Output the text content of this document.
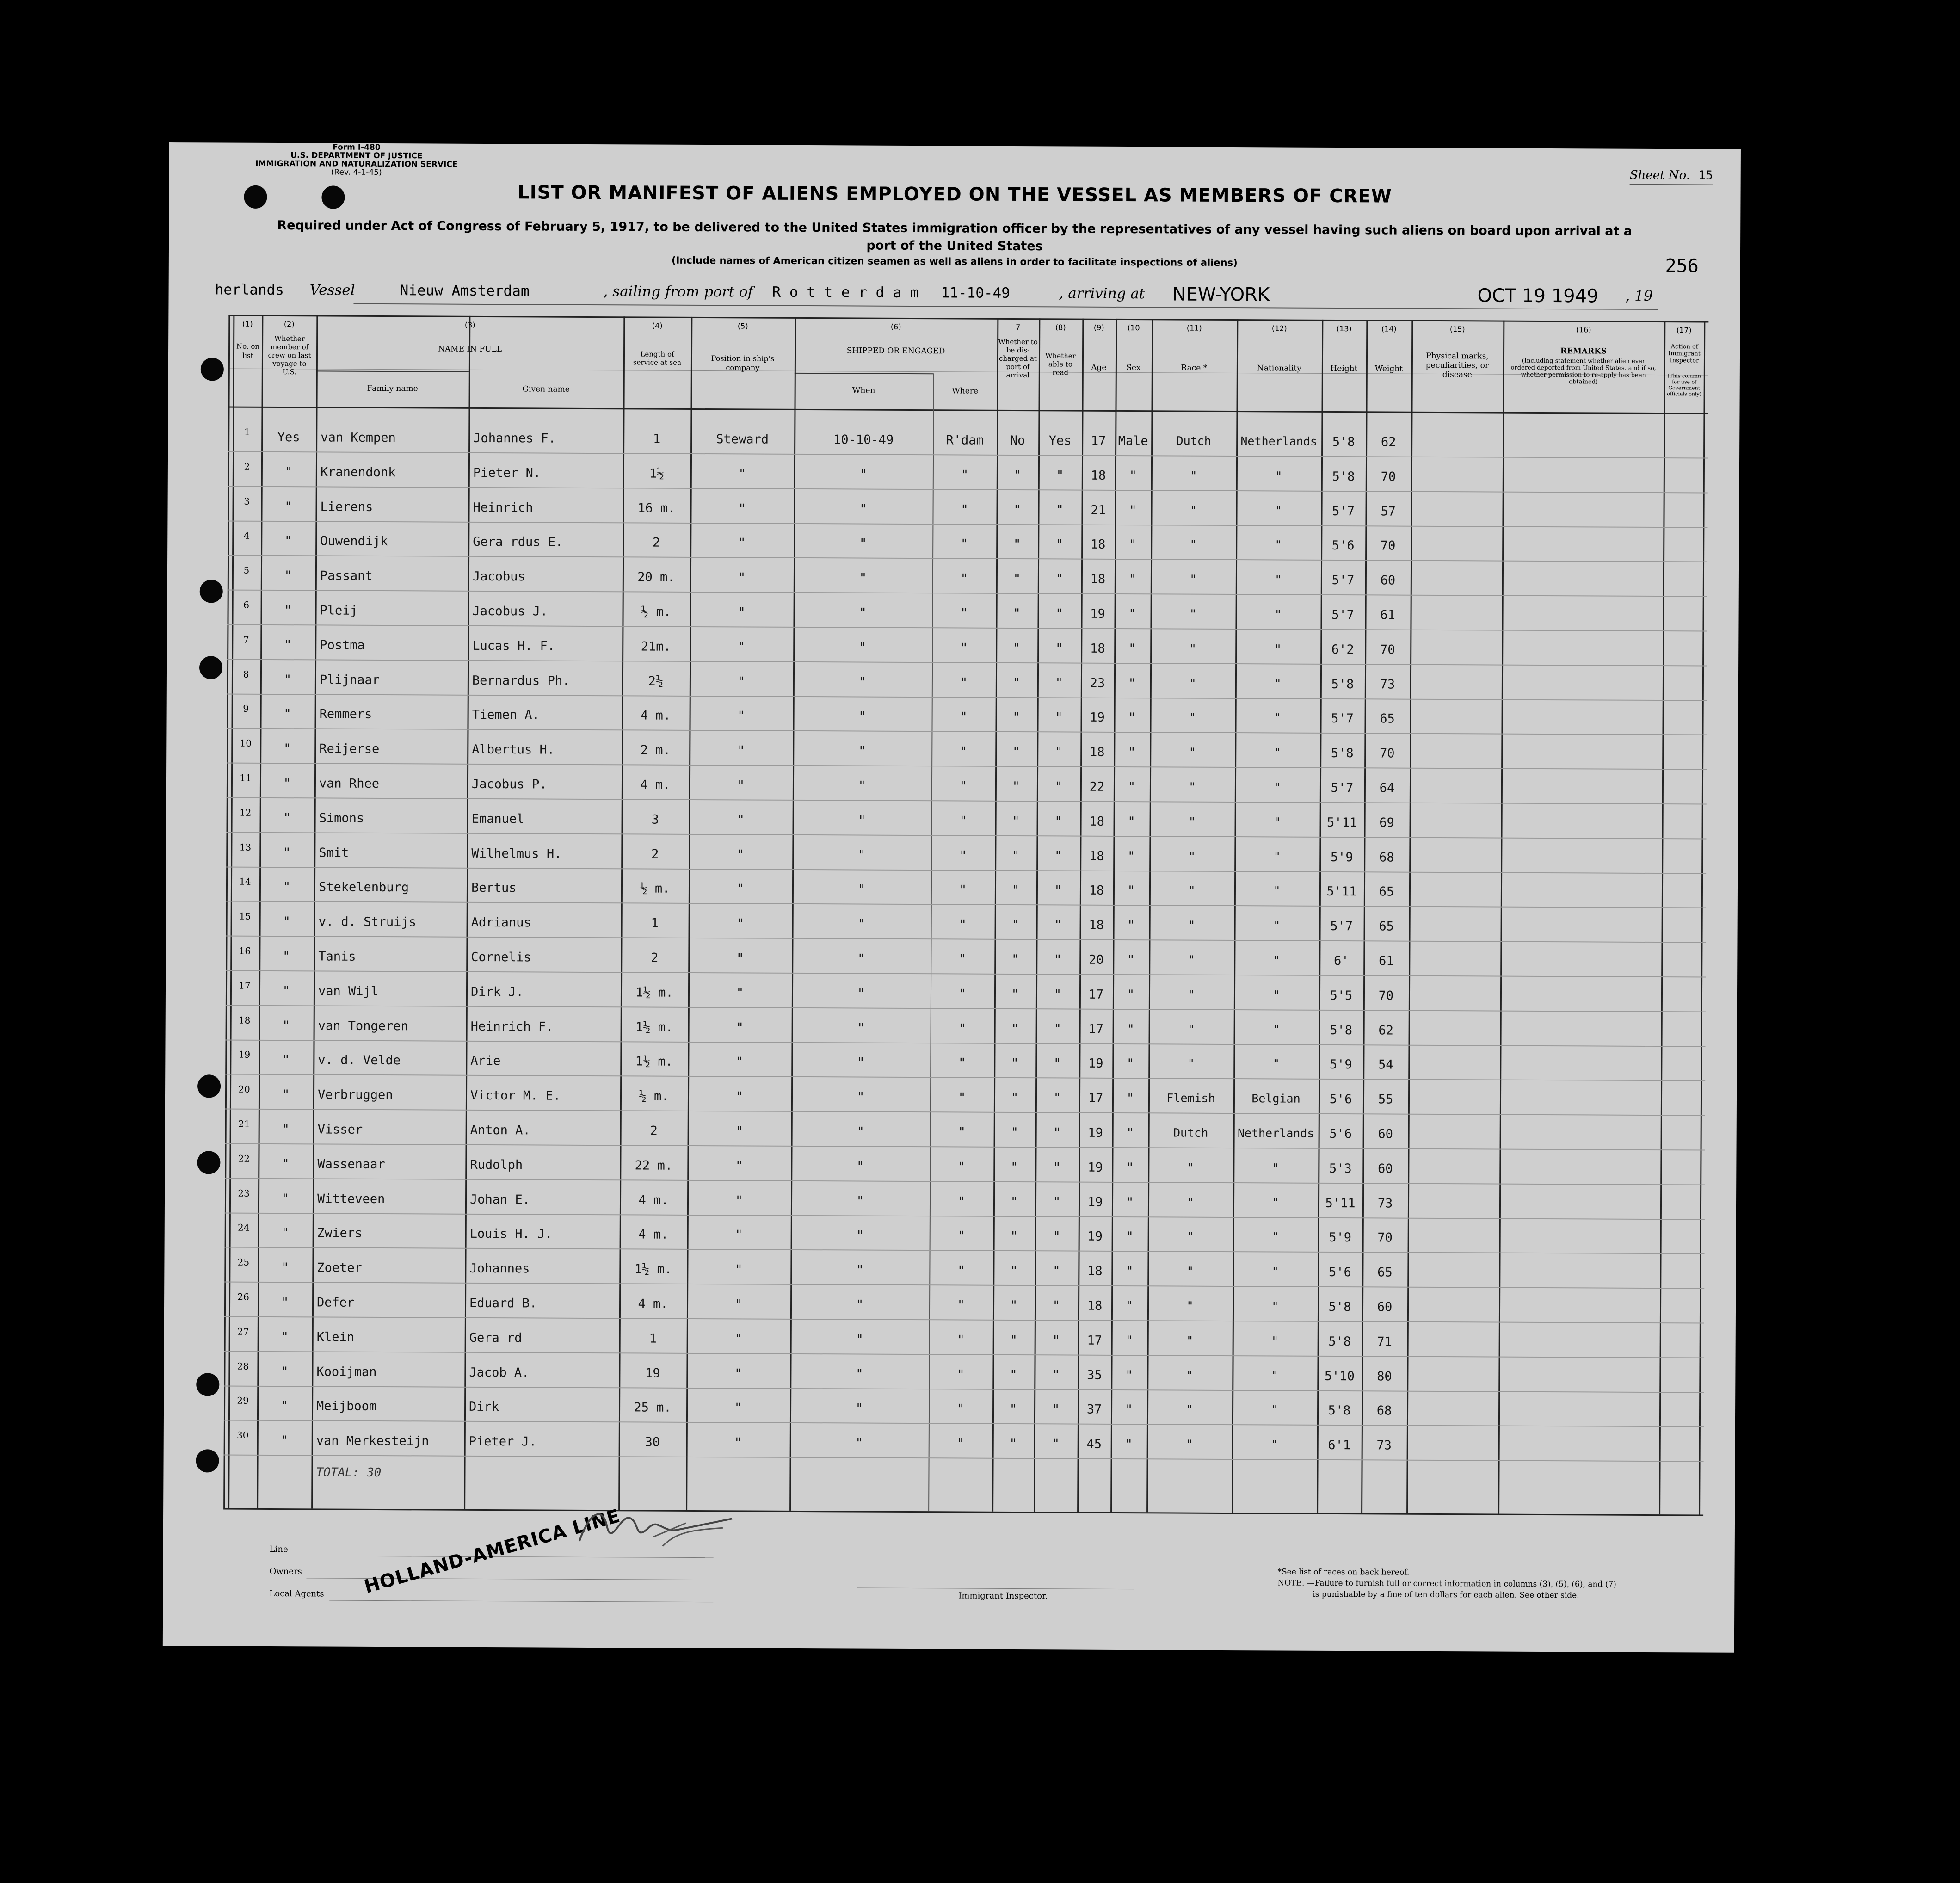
Form I-480
U.S. DEPARTMENT OF JUSTICE
IMMIGRATION AND NATURALIZATION SERVICE
(Rev. 4-1-45)	Sheet No. 15
LIST OR MANIFEST OF ALIENS EMPLOYED ON THE VESSEL AS MEMBERS OF CREW
Required under Act of Congress of February 5, 1917, to be delivered to the United States immigration officer by the representatives of any vessel having such aliens on board upon arrival at a port of the United States
(Include names of American citizen seamen as well as aliens in order to facilitate inspections of aliens)	256
herlands Vessel	Nieuw Amsterdam	, sailing from port of R o t t e r d a m 11-10-49	, arriving at NEW-YORK	OCT 19 1949 , 19
(1)
No. on list
(2)
Whether member of crew on last voyage to U.S.
(3)
NAME IN FULL
Family name	Given name
(4)
Length of service at sea
(5)
Position in ship's company
(6)
SHIPPED OR ENGAGED
When	Where
7
Whether to be dis-charged at port of arrival
(8)
Whether able to read
(9)
Age
(10
Sex
(11)
Race *
(12)
Nationality
(13)
Height
(14)
Weight
(15)
Physical marks, peculiarities, or disease
(16)
REMARKS
(Including statement whether alien ever ordered deported from United States, and if so, whether permission to re-apply has been obtained)
(17)
Action of Immigrant Inspector
(This column for use of Government officials only)
1	Yes	van Kempen	Johannes F.	1	Steward	10-10-49	R'dam	No	Yes	17 Male	Dutch	Netherlands	5'8	62
2	"	Kranendonk	Pieter N.	1½	"	"	"	"	"	18	"	"	"	5'8	70
3	"	Lierens	Heinrich	16 m.	"	"	"	"	"	21	"	"	"	5'7	57
4	"	Ouwendijk	Gera rdus E.	2	"	"	"	"	"	18	"	"	"	5'6	70
5	"	Passant	Jacobus	20 m.	"	"	"	"	"	18	"	"	"	5'7	60
6	"	Pleij	Jacobus J.	½ m.	"	"	"	"	"	19	"	"	"	5'7	61
7	"	Postma	Lucas H. F.	21m.	"	"	"	"	"	18	"	"	"	6'2	70
8	"	Plijnaar	Bernardus Ph.	2½	"	"	"	"	"	23	"	"	"	5'8	73
9	"	Remmers	Tiemen A.	4 m.	"	"	"	"	"	19	"	"	"	5'7	65
10	"	Reijerse	Albertus H.	2 m.	"	"	"	"	"	18	"	"	"	5'8	70
11	"	van Rhee	Jacobus P.	4 m.	"	"	"	"	"	22	"	"	"	5'7	64
12	"	Simons	Emanuel	3	"	"	"	"	"	18	"	"	"	5'11	69
13	"	Smit	Wilhelmus H.	2	"	"	"	"	"	18	"	"	"	5'9	68
14	"	Stekelenburg	Bertus	½ m.	"	"	"	"	"	18	"	"	"	5'11	65
15	"	v. d. Struijs	Adrianus	1	"	"	"	"	"	18	"	"	"	5'7	65
16	"	Tanis	Cornelis	2	"	"	"	"	"	20	"	"	"	6'	61
17	"	van Wijl	Dirk J.	1½ m.	"	"	"	"	"	17	"	"	"	5'5	70
18	"	van Tongeren	Heinrich F.	1½ m.	"	"	"	"	"	17	"	"	"	5'8	62
19	"	v. d. Velde	Arie	1½ m.	"	"	"	"	"	19	"	"	"	5'9	54
20	"	Verbruggen	Victor M. E.	½ m.	"	"	"	"	"	17	"	Flemish	Belgian	5'6	55
21	"	Visser	Anton A.	2	"	"	"	"	"	19	"	Dutch	Netherlands	5'6	60
22	"	Wassenaar	Rudolph	22 m.	"	"	"	"	"	19	"	"	"	5'3	60
23	"	Witteveen	Johan E.	4 m.	"	"	"	"	"	19	"	"	"	5'11	73
24	"	Zwiers	Louis H. J.	4 m.	"	"	"	"	"	19	"	"	"	5'9	70
25	"	Zoeter	Johannes	1½ m.	"	"	"	"	"	18	"	"	"	5'6	65
26	"	Defer	Eduard B.	4 m.	"	"	"	"	"	18	"	"	"	5'8	60
27	"	Klein	Gera rd	1	"	"	"	"	"	17	"	"	"	5'8	71
28	"	Kooijman	Jacob A.	19	"	"	"	"	"	35	"	"	"	5'10	80
29	"	Meijboom	Dirk	25 m.	"	"	"	"	"	37	"	"	"	5'8	68
30	"	van Merkesteijn	Pieter J.	30	"	"	"	"	"	45	"	"	"	6'1	73
TOTAL: 30
Line
Owners
Local Agents	Immigrant Inspector.
HOLLAND-AMERICA LINE	*See list of races on back hereof.
NOTE. —Failure to furnish full or correct information in columns (3), (5), (6), and (7)
is punishable by a fine of ten dollars for each alien. See other side.
